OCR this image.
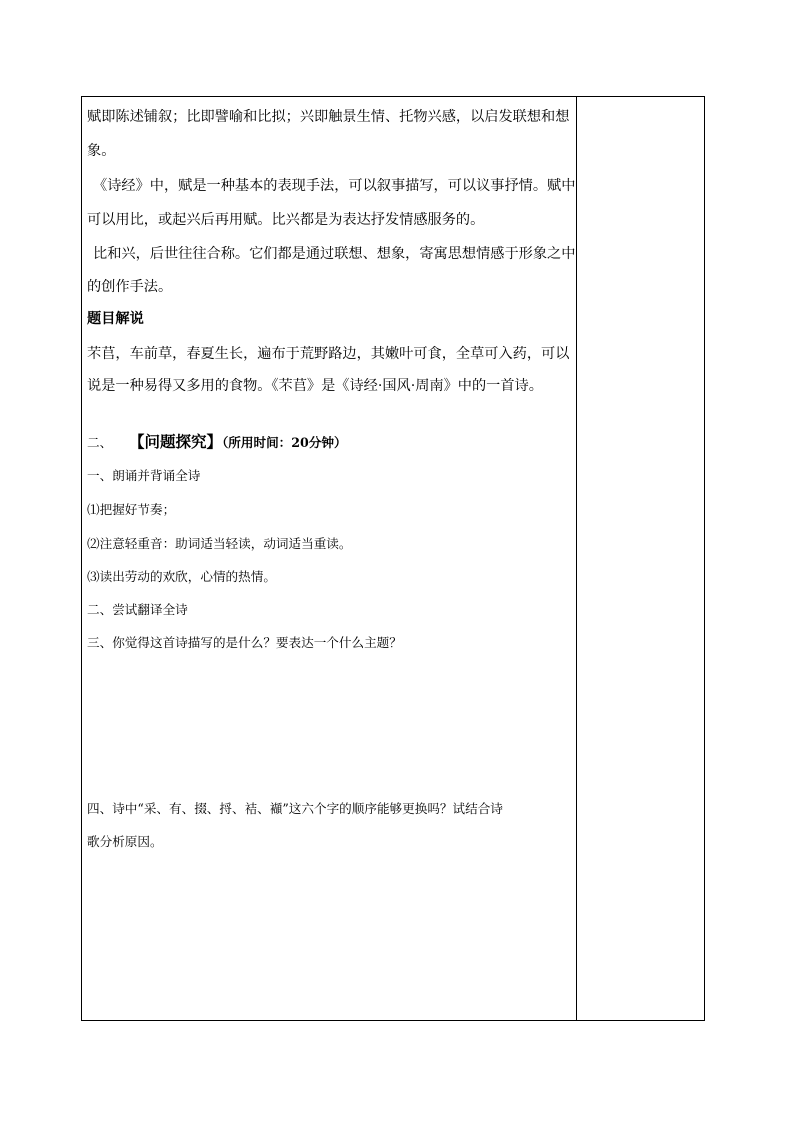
赋即陈述铺叙；比即譬喻和比拟；兴即触景生情、托物兴感，以启发联想和想
象。
《诗经》中，赋是一种基本的表现手法，可以叙事描写，可以议事抒情。赋中
可以用比，或起兴后再用赋。比兴都是为表达抒发情感服务的。
比和兴，后世往往合称。它们都是通过联想、想象，寄寓思想情感于形象之中
的创作手法。
题目解说
芣苢，车前草，春夏生长，遍布于荒野路边，其嫩叶可食，全草可入药，可以
说是一种易得又多用的食物。《芣苢》是《诗经·国风·周南》中的一首诗。
二、 【问题探究】（所用时间：20分钟）
一、朗诵并背诵全诗
⑴把握好节奏；
⑵注意轻重音：助词适当轻读，动词适当重读。
⑶读出劳动的欢欣，心情的热情。
二、尝试翻译全诗
三、你觉得这首诗描写的是什么？要表达一个什么主题？
四、诗中“采、有、掇、捋、袺、襭”这六个字的顺序能够更换吗？试结合诗
歌分析原因。
